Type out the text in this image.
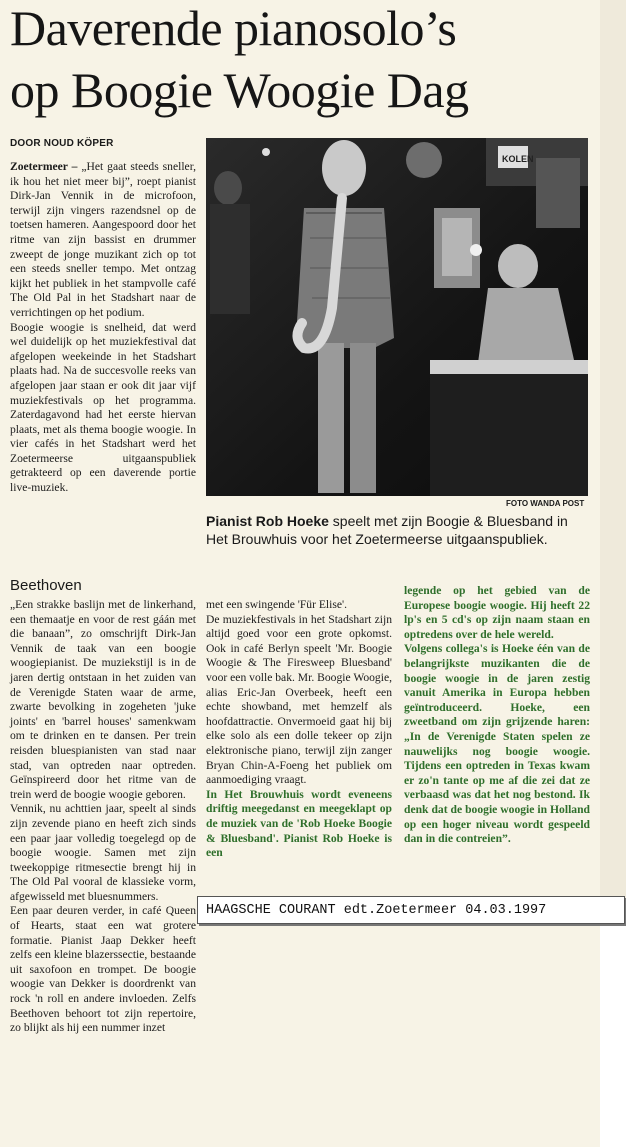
Daverende pianosolo’s
op Boogie Woogie Dag
DOOR NOUD KÖPER

Zoetermeer – „Het gaat steeds sneller, ik hou het niet meer bij”, roept pianist Dirk-Jan Vennik in de microfoon, terwijl zijn vingers razendsnel op de toetsen hameren. Aangespoord door het ritme van zijn bassist en drummer zweept de jonge muzikant zich op tot een steeds sneller tempo. Met ontzag kijkt het publiek in het stampvolle café The Old Pal in het Stadshart naar de verrichtingen op het podium.

Boogie woogie is snelheid, dat werd wel duidelijk op het muziekfestival dat afgelopen weekeinde in het Stadshart plaats had. Na de succesvolle reeks van afgelopen jaar staan er ook dit jaar vijf muziekfestivals op het programma. Zaterdagavond had het eerste hiervan plaats, met als thema boogie woogie. In vier cafés in het Stadshart werd het Zoetermeerse uitgaanspubliek getrakteerd op een daverende portie live-muziek.

Beethoven

„Een strakke baslijn met de linkerhand, een themaatje en voor de rest gáán met die banaan”, zo omschrijft Dirk-Jan Vennik de taak van een boogie woogiepianist. De muziekstijl is in de jaren dertig ontstaan in het zuiden van de Verenigde Staten waar de arme, zwarte bevolking in zogeheten 'juke joints' en 'barrel houses' samenkwam om te drinken en te dansen. Per trein reisden bluespianisten van stad naar stad, van optreden naar optreden. Geïnspireerd door het ritme van de trein werd de boogie woogie geboren.

Vennik, nu achttien jaar, speelt al sinds zijn zevende piano en heeft zich sinds een paar jaar volledig toegelegd op de boogie woogie. Samen met zijn tweekoppige ritmesectie brengt hij in The Old Pal vooral de klassieke vorm, afgewisseld met bluesnummers.

Een paar deuren verder, in café Queen of Hearts, staat een wat grotere formatie. Pianist Jaap Dekker heeft zelfs een kleine blazerssectie, bestaande uit saxofoon en trompet. De boogie woogie van Dekker is doordrenkt van rock 'n roll en andere invloeden. Zelfs Beethoven behoort tot zijn repertoire, zo blijkt als hij een nummer inzet

met een swingende 'Für Elise'.

De muziekfestivals in het Stadshart zijn altijd goed voor een grote opkomst. Ook in café Berlyn speelt 'Mr. Boogie Woogie & The Firesweep Bluesband' voor een volle bak. Mr. Boogie Woogie, alias Eric-Jan Overbeek, heeft een echte showband, met hemzelf als hoofdattractie. Onvermoeid gaat hij bij elke solo als een dolle tekeer op zijn elektronische piano, terwijl zijn zanger Bryan Chin-A-Foeng het publiek om aanmoediging vraagt.

In Het Brouwhuis wordt eveneens driftig meegedanst en meegeklapt op de muziek van de 'Rob Hoeke Boogie & Bluesband'. Pianist Rob Hoeke is een

legende op het gebied van de Europese boogie woogie. Hij heeft 22 lp's en 5 cd's op zijn naam staan en optredens over de hele wereld.

Volgens collega's is Hoeke één van de belangrijkste muzikanten die de boogie woogie in de jaren zestig vanuit Amerika in Europa hebben geïntroduceerd. Hoeke, een zweetband om zijn grijzende haren: „In de Verenigde Staten spelen ze nauwelijks nog boogie woogie. Tijdens een optreden in Texas kwam er zo'n tante op me af die zei dat ze verbaasd was dat het nog bestond. Ik denk dat de boogie woogie in Holland op een hoger niveau wordt gespeeld dan in die contreien”.

KOLEN
FOTO WANDA POST
Pianist Rob Hoeke speelt met zijn Boogie & Bluesband in Het Brouwhuis voor het Zoetermeerse uitgaanspubliek.
HAAGSCHE COURANT edt.Zoetermeer 04.03.1997
